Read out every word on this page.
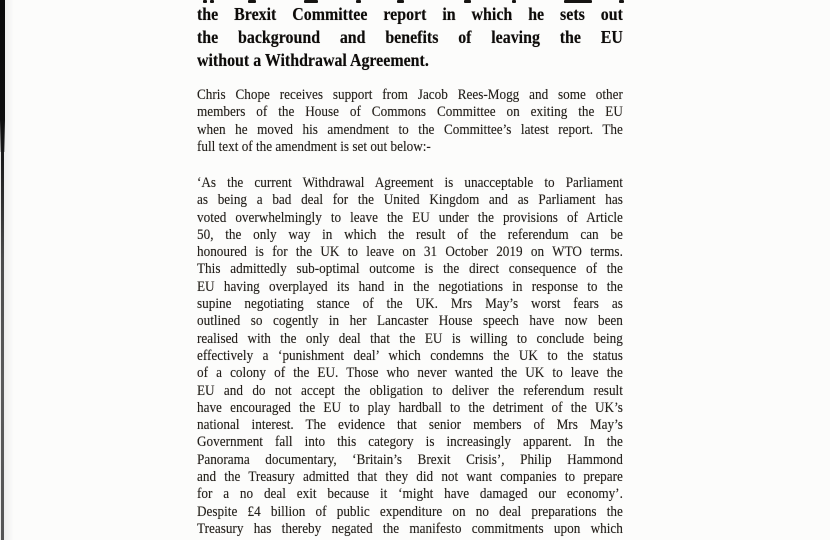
the Brexit Committee report in which he sets out
the background and benefits of leaving the EU
without a Withdrawal Agreement.
Chris Chope receives support from Jacob Rees-Mogg and some other
members of the House of Commons Committee on exiting the EU
when he moved his amendment to the Committee’s latest report. The
full text of the amendment is set out below:-
‘As the current Withdrawal Agreement is unacceptable to Parliament
as being a bad deal for the United Kingdom and as Parliament has
voted overwhelmingly to leave the EU under the provisions of Article
50, the only way in which the result of the referendum can be
honoured is for the UK to leave on 31 October 2019 on WTO terms.
This admittedly sub-optimal outcome is the direct consequence of the
EU having overplayed its hand in the negotiations in response to the
supine negotiating stance of the UK. Mrs May’s worst fears as
outlined so cogently in her Lancaster House speech have now been
realised with the only deal that the EU is willing to conclude being
effectively a ‘punishment deal’ which condemns the UK to the status
of a colony of the EU. Those who never wanted the UK to leave the
EU and do not accept the obligation to deliver the referendum result
have encouraged the EU to play hardball to the detriment of the UK’s
national interest. The evidence that senior members of Mrs May’s
Government fall into this category is increasingly apparent. In the
Panorama documentary, ‘Britain’s Brexit Crisis’, Philip Hammond
and the Treasury admitted that they did not want companies to prepare
for a no deal exit because it ‘might have damaged our economy’.
Despite £4 billion of public expenditure on no deal preparations the
Treasury has thereby negated the manifesto commitments upon which
